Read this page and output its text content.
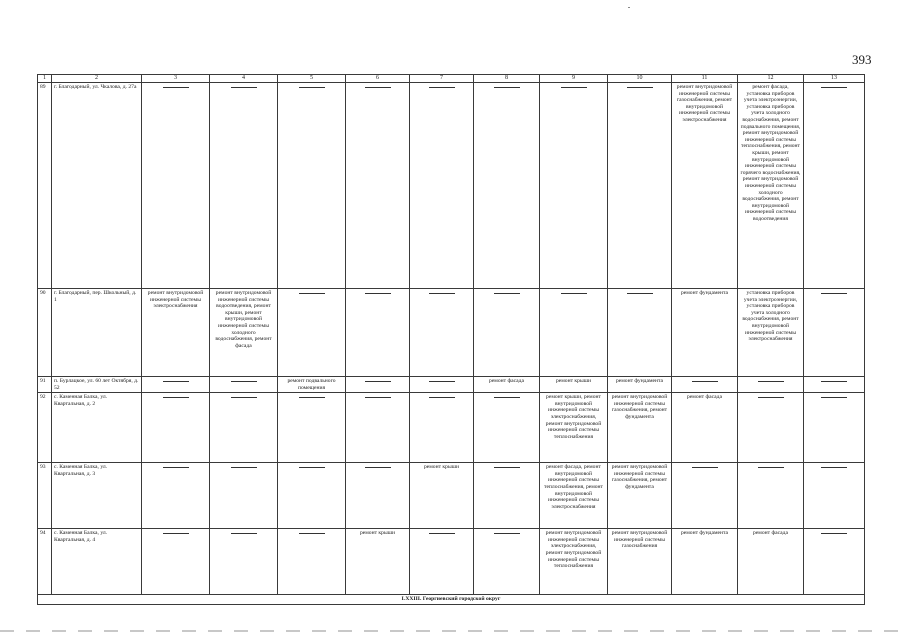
393
1	2	3	4	5	6	7	8	9	10	11	12	13
89	г. Благодарный, ул. Чкалова, д. 27а									ремонт внутридомовой инженерной системы газоснабжения, ремонт внутридомовой инженерной системы электроснабжения	ремонт фасада, установка приборов учета электроэнергии, установка приборов учета холодного водоснабжения, ремонт подвального помещения, ремонт внутридомовой инженерной системы теплоснабжения, ремонт крыши, ремонт внутридомовой инженерной системы горячего водоснабжения, ремонт внутридомовой инженерной системы холодного водоснабжения, ремонт внутридомовой инженерной системы водоотведения	

90	г. Благодарный, пер. Школьный, д. 1	ремонт внутридомовой инженерной системы электроснабжения	ремонт внутридомовой инженерной системы водоотведения, ремонт крыши, ремонт внутридомовой инженерной системы холодного водоснабжения, ремонт фасада							ремонт фундамента	установка приборов учета электроэнергии, установка приборов учета холодного водоснабжения, ремонт внутридомовой инженерной системы электроснабжения	

91	п. Бурлацкое, ул. 60 лет Октября, д. 52			ремонт подвального помещения			ремонт фасада	ремонт крыши	ремонт фундамента	

92	с. Каменная Балка, ул. Квартальная, д. 2							ремонт крыши, ремонт внутридомовой инженерной системы электроснабжения, ремонт внутридомовой инженерной системы теплоснабжения	ремонт внутридомовой инженерной системы газоснабжения, ремонт фундамента	ремонт фасада	

93	с. Каменная Балка, ул. Квартальная, д. 3					ремонт крыши		ремонт фасада, ремонт внутридомовой инженерной системы теплоснабжения, ремонт внутридомовой инженерной системы электроснабжения	ремонт внутридомовой инженерной системы газоснабжения, ремонт фундамента	

94	с. Каменная Балка, ул. Квартальная, д. 4				ремонт крыши			ремонт внутридомовой инженерной системы электроснабжения, ремонт внутридомовой инженерной системы теплоснабжения	ремонт внутридомовой инженерной системы газоснабжения	ремонт фундамента	ремонт фасада	

LXXIII. Георгиевский городской округ												
